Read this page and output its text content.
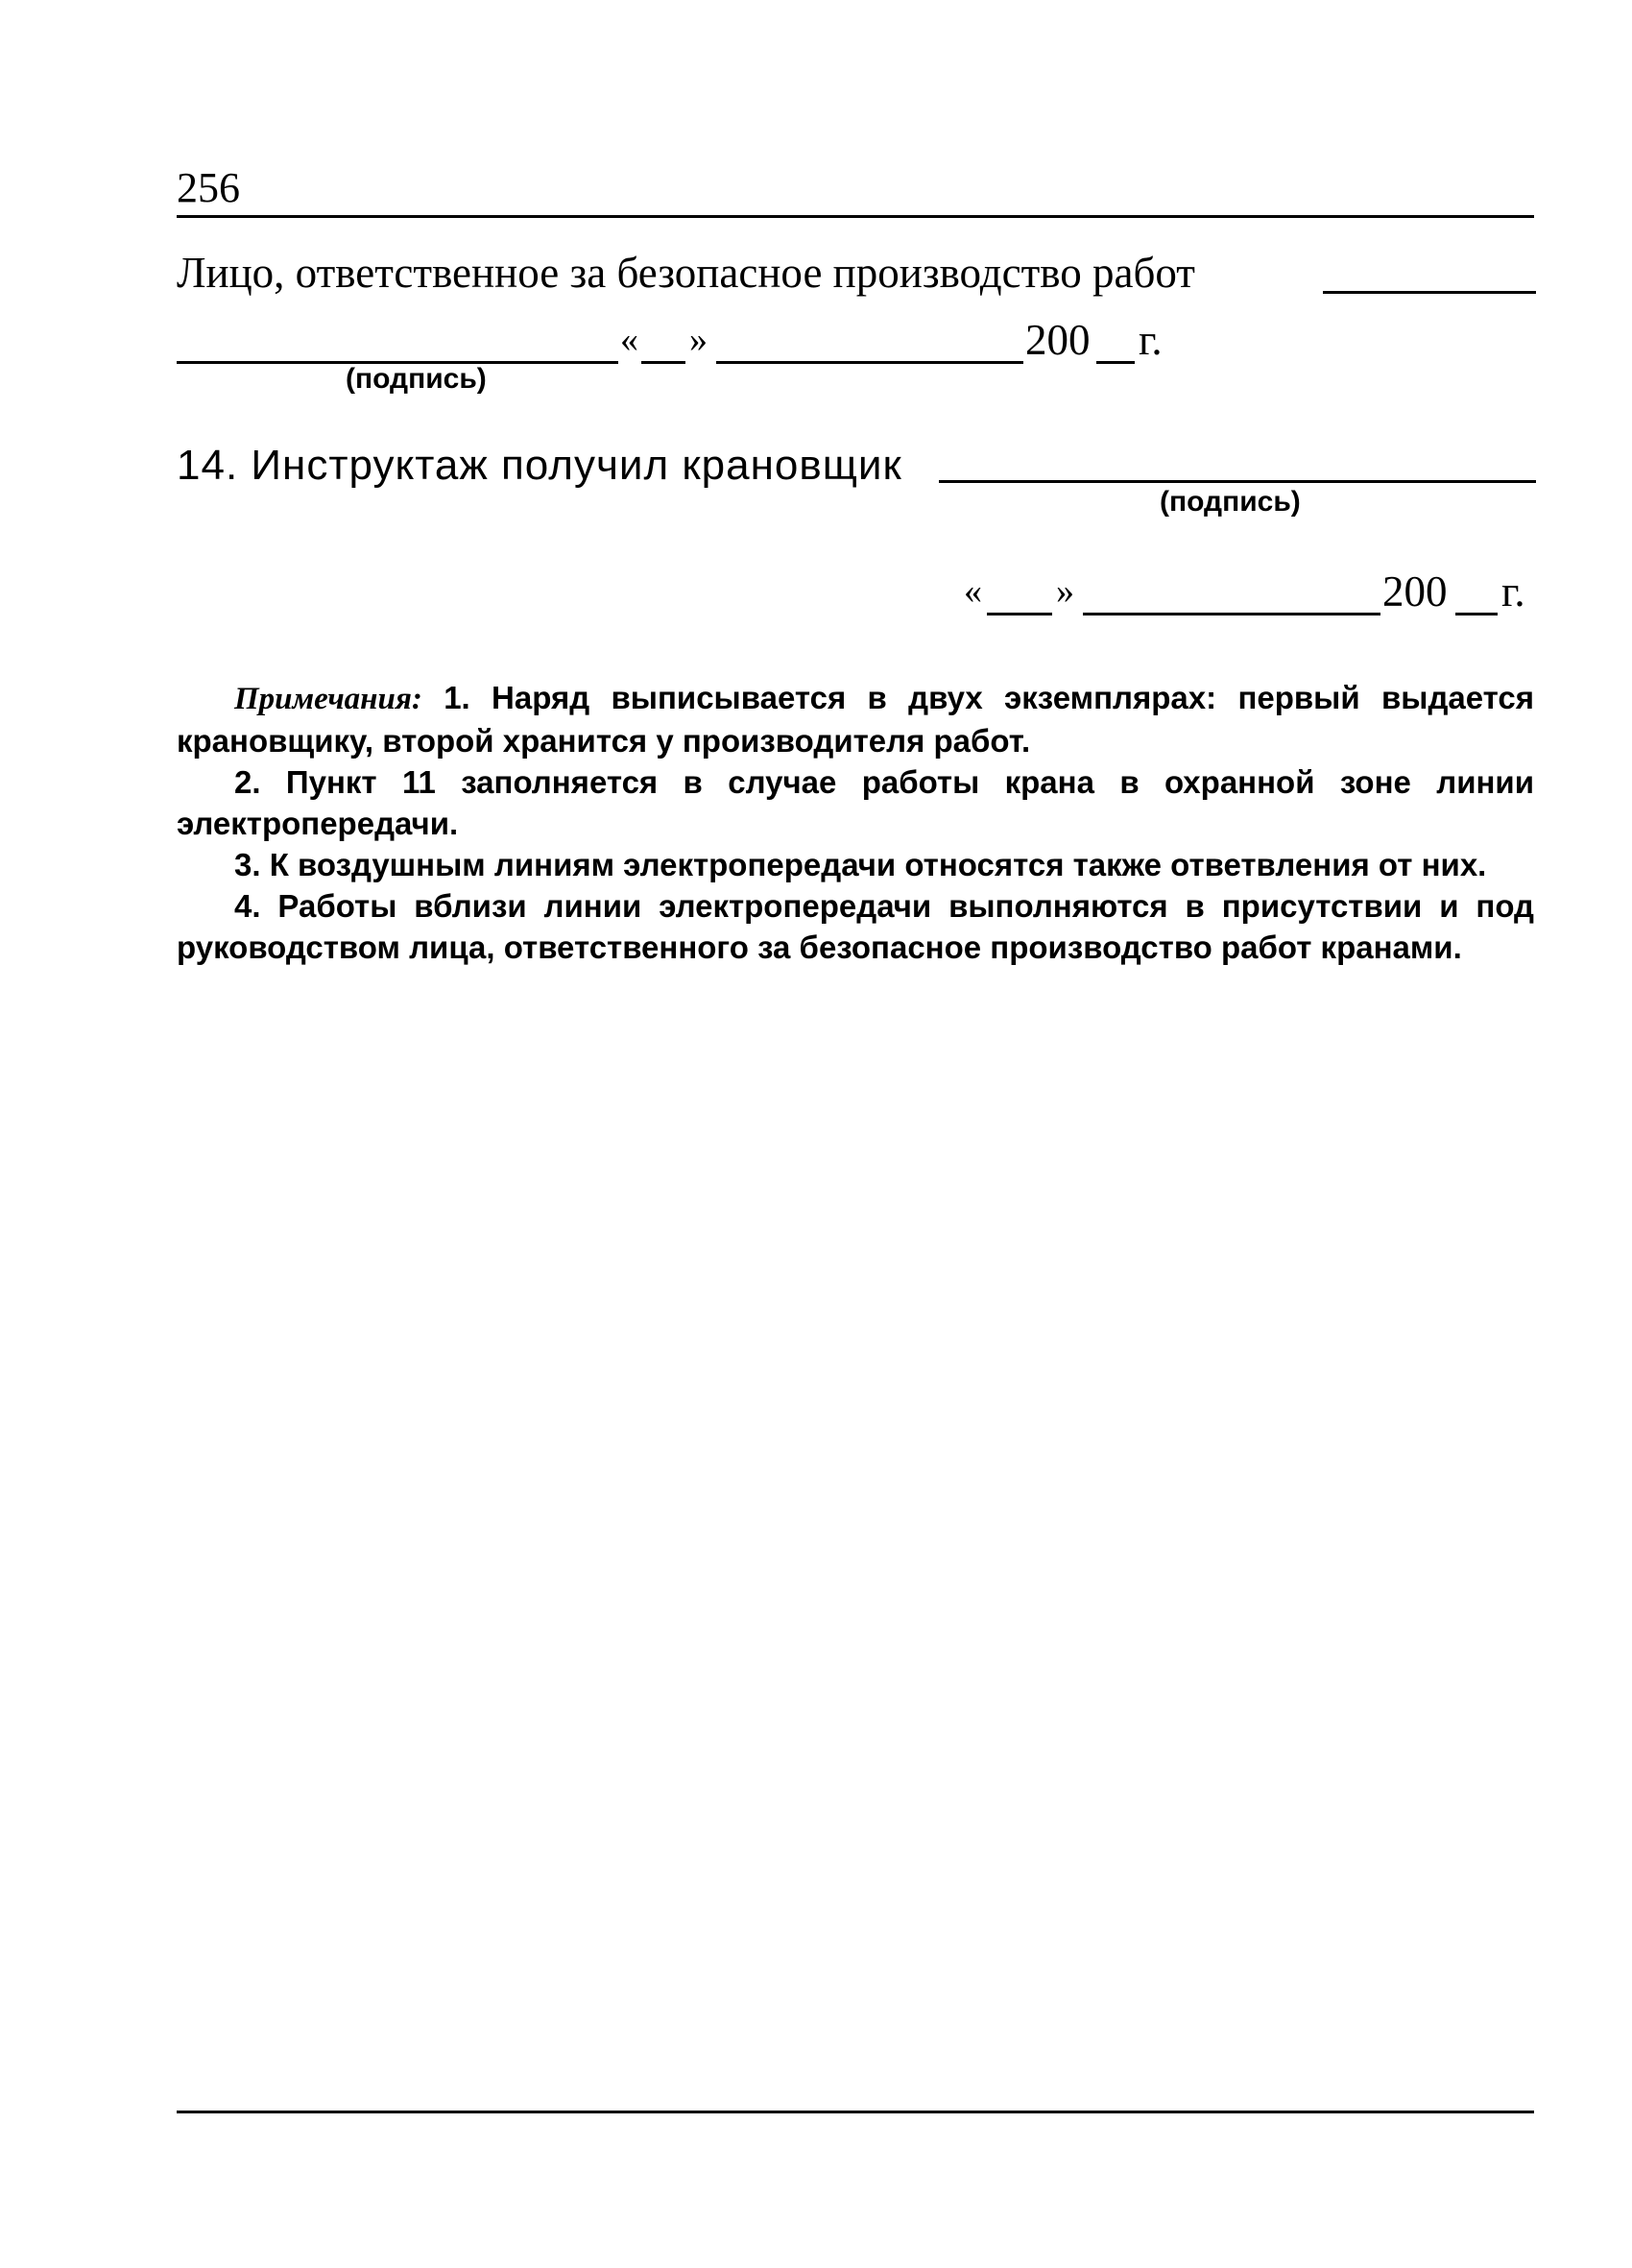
256
Лицо, ответственное за безопасное производство работ
« »	200 г.
(подпись)
14. Инструктаж получил крановщик
(подпись)
« »	200 г.

Примечания: 1. Наряд выписывается в двух экземплярах: первый выдается крановщику, второй хранится у производителя работ.

2. Пункт 11 заполняется в случае работы крана в охранной зоне линии электропередачи.

3. К воздушным линиям электропередачи относятся также ответвления от них.

4. Работы вблизи линии электропередачи выполняются в присутствии и под руководством лица, ответственного за безопасное производство работ кранами.
